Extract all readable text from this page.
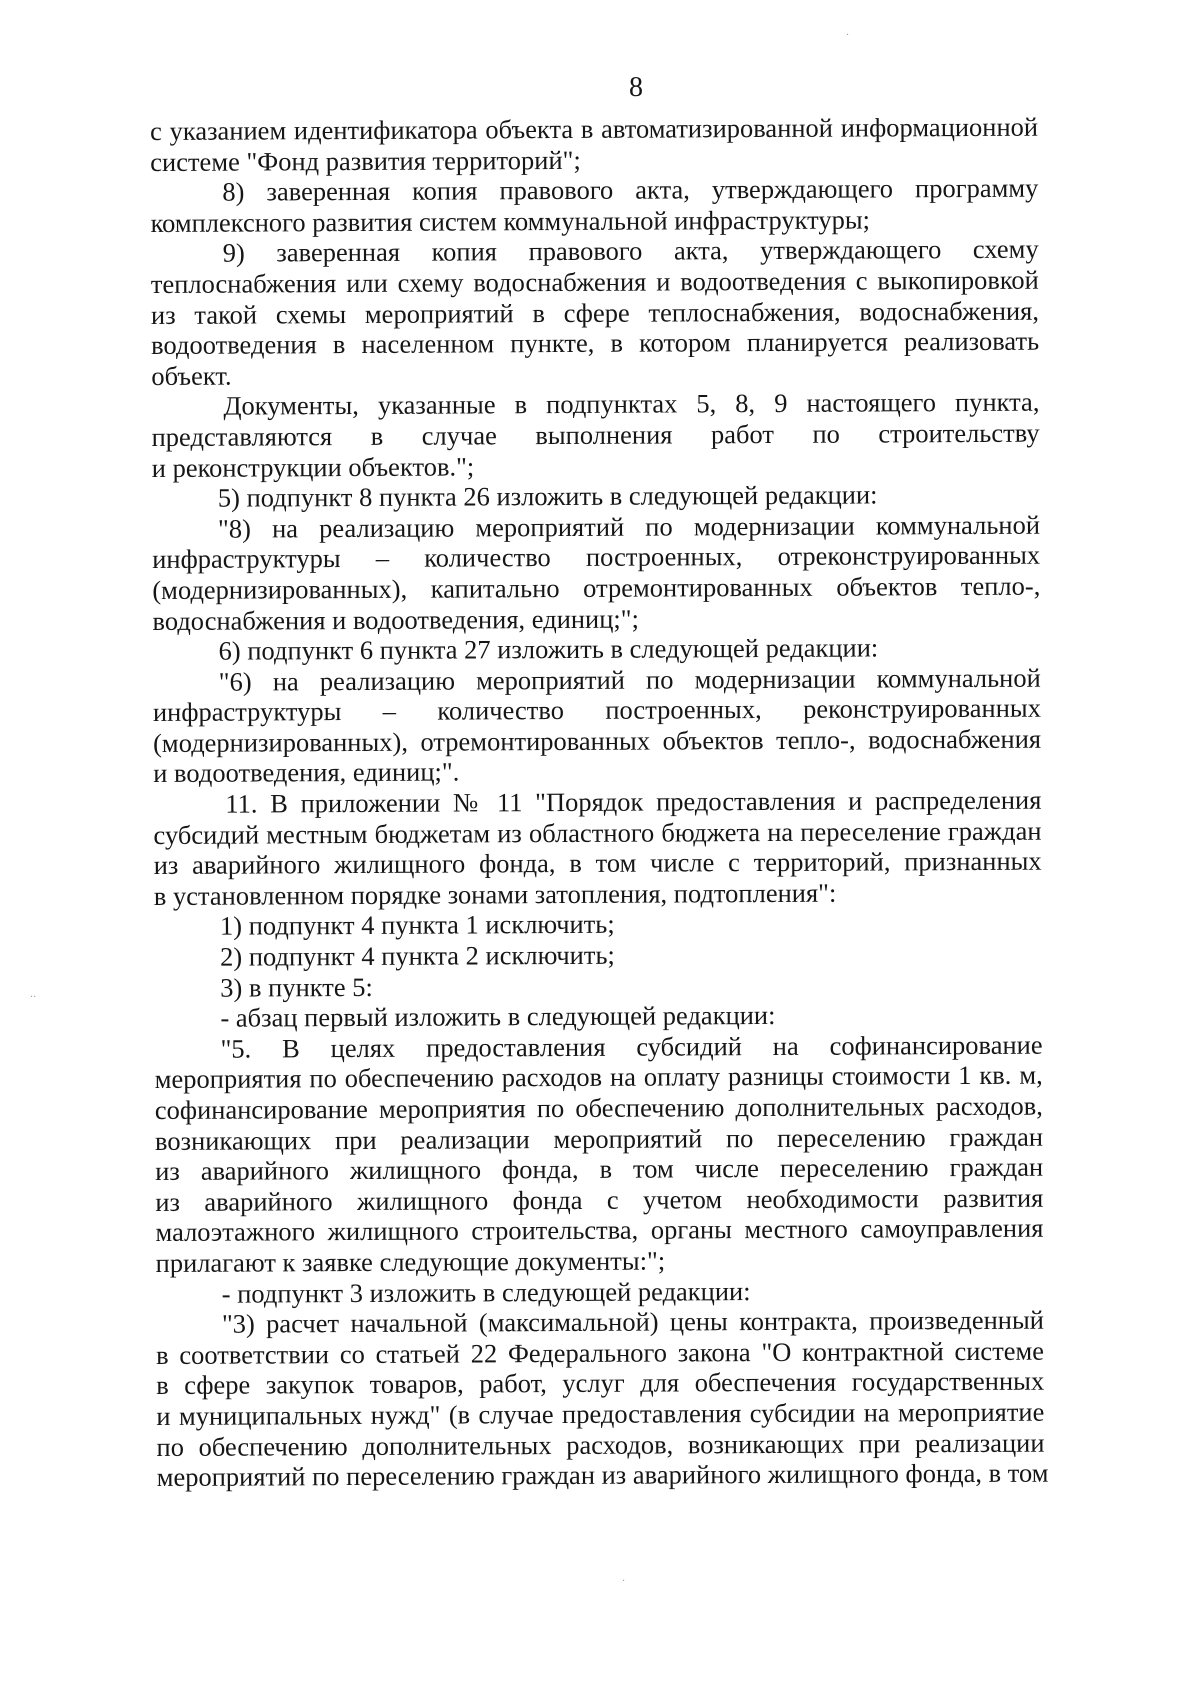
8
с указанием идентификатора объекта в автоматизированной информационной
системе "Фонд развития территорий";
8) заверенная копия правового акта, утверждающего программу
комплексного развития систем коммунальной инфраструктуры;
9) заверенная копия правового акта, утверждающего схему
теплоснабжения или схему водоснабжения и водоотведения с выкопировкой
из такой схемы мероприятий в сфере теплоснабжения, водоснабжения,
водоотведения в населенном пункте, в котором планируется реализовать
объект.
Документы, указанные в подпунктах 5, 8, 9 настоящего пункта,
представляются в случае выполнения работ по строительству
и реконструкции объектов.";
5) подпункт 8 пункта 26 изложить в следующей редакции:
"8) на реализацию мероприятий по модернизации коммунальной
инфраструктуры – количество построенных, отреконструированных
(модернизированных), капитально отремонтированных объектов тепло-,
водоснабжения и водоотведения, единиц;";
6) подпункт 6 пункта 27 изложить в следующей редакции:
"6) на реализацию мероприятий по модернизации коммунальной
инфраструктуры – количество построенных, реконструированных
(модернизированных), отремонтированных объектов тепло-, водоснабжения
и водоотведения, единиц;".
11. В приложении № 11 "Порядок предоставления и распределения
субсидий местным бюджетам из областного бюджета на переселение граждан
из аварийного жилищного фонда, в том числе с территорий, признанных
в установленном порядке зонами затопления, подтопления":
1) подпункт 4 пункта 1 исключить;
2) подпункт 4 пункта 2 исключить;
3) в пункте 5:
- абзац первый изложить в следующей редакции:
"5. В целях предоставления субсидий на софинансирование
мероприятия по обеспечению расходов на оплату разницы стоимости 1 кв. м,
софинансирование мероприятия по обеспечению дополнительных расходов,
возникающих при реализации мероприятий по переселению граждан
из аварийного жилищного фонда, в том числе переселению граждан
из аварийного жилищного фонда с учетом необходимости развития
малоэтажного жилищного строительства, органы местного самоуправления
прилагают к заявке следующие документы:";
- подпункт 3 изложить в следующей редакции:
"3) расчет начальной (максимальной) цены контракта, произведенный
в соответствии со статьей 22 Федерального закона "О контрактной системе
в сфере закупок товаров, работ, услуг для обеспечения государственных
и муниципальных нужд" (в случае предоставления субсидии на мероприятие
по обеспечению дополнительных расходов, возникающих при реализации
мероприятий по переселению граждан из аварийного жилищного фонда, в том
·
··
·
